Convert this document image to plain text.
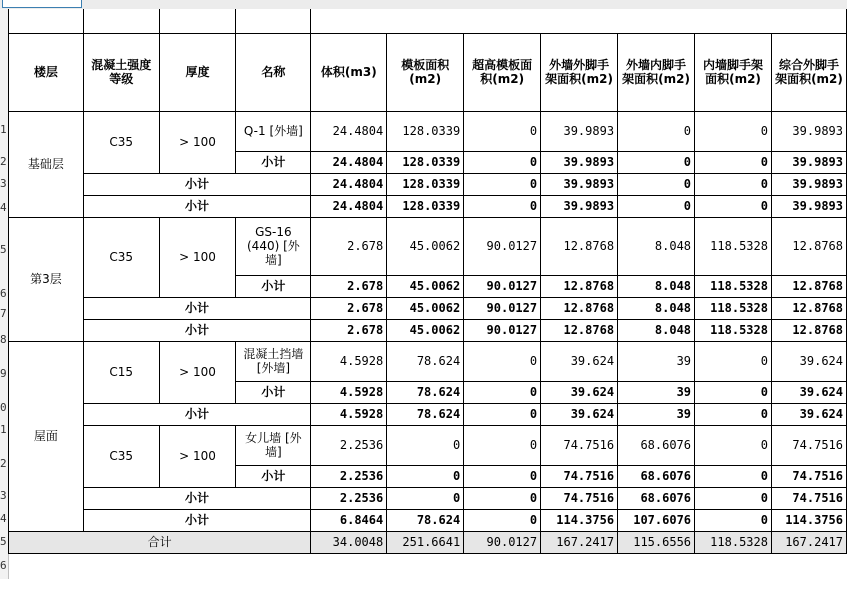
1
2
3
4
5
6
7
8
9
0
1
2
3
4
5
6

楼层	混凝土强度等级	厚度	名称	体积(m3)	模板面积(m2)	超高模板面积(m2)	外墙外脚手架面积(m2)	外墙内脚手架面积(m2)	内墙脚手架面积(m2)	综合外脚手架面积(m2)
基础层	C35	> 100	Q-1 [外墙]	24.4804	128.0339	0	39.9893	0	0	39.9893
			小计	24.4804	128.0339	0	39.9893	0	0	39.9893
	小计			24.4804	128.0339	0	39.9893	0	0	39.9893
	小计			24.4804	128.0339	0	39.9893	0	0	39.9893
第3层	C35	> 100	GS-16 (440) [外墙]	2.678	45.0062	90.0127	12.8768	8.048	118.5328	12.8768
			小计	2.678	45.0062	90.0127	12.8768	8.048	118.5328	12.8768
	小计			2.678	45.0062	90.0127	12.8768	8.048	118.5328	12.8768
	小计			2.678	45.0062	90.0127	12.8768	8.048	118.5328	12.8768
屋面	C15	> 100	混凝土挡墙 [外墙]	4.5928	78.624	0	39.624	39	0	39.624
			小计	4.5928	78.624	0	39.624	39	0	39.624
	小计			4.5928	78.624	0	39.624	39	0	39.624
	C35	> 100	女儿墙 [外墙]	2.2536	0	0	74.7516	68.6076	0	74.7516
			小计	2.2536	0	0	74.7516	68.6076	0	74.7516
	小计			2.2536	0	0	74.7516	68.6076	0	74.7516
	小计			6.8464	78.624	0	114.3756	107.6076	0	114.3756
合计				34.0048	251.6641	90.0127	167.2417	115.6556	118.5328	167.2417
